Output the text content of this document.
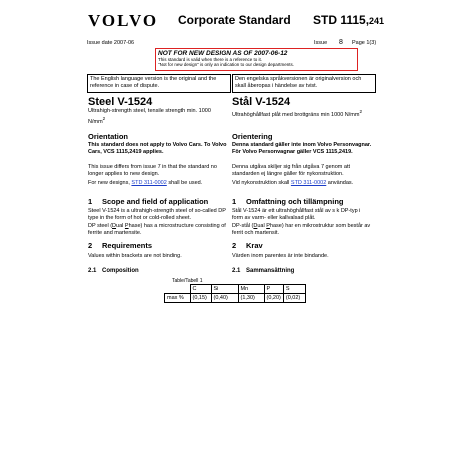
VOLVO Corporate Standard STD 1115,241
Issue date 2007-06	Issue 8 Page 1(3)
NOT FOR NEW DESIGN AS OF 2007-06-12
This standard is valid when there is a reference to it.
"Not for new design" is only an indication to our design departments.
The English language version is the original and the reference in case of dispute.
Den engelska språkversionen är originalversion och skall åberopas i händelse av tvist.
Steel V-1524
Ultrahigh-strength steel, tensile strength min. 1000 $N/mm^2$
Orientation
This standard does not apply to Volvo Cars. To Volvo Cars, VCS 1115,2419 applies.
This issue differs from issue 7 in that the standard no longer applies to new design.
For new designs, STD 311-0002 shall be used.
1 Scope and field of application
Steel V-1524 is a ultrahigh-strength steel of so-called DP type in the form of hot or cold-rolled sheet.
DP steel (Dual Phase) has a microstructure consisting of ferrite and martensite.
2 Requirements
Values within brackets are not binding.
2.1 Composition
Stål V-1524
Ultrahöghållfast plåt med brottgräns min 1000 $N/mm^2$
Orientering
Denna standard gäller inte inom Volvo Personvagnar. För Volvo Personvagnar gäller VCS 1115,2419.
Denna utgåva skiljer sig från utgåva 7 genom att standarden ej längre gäller för nykonstruktion.
Vid nykonstruktion skall STD 311-0002 användas.
1 Omfattning och tillämpning
Stål V-1524 är ett ultrahöghållfast stål av s k DP-typ i form av varm- eller kallvalsad plåt.
DP-stål (Dual Phase) har en mikrostruktur som består av ferrit och martensit.
2 Krav
Värden inom parentes är inte bindande.
2.1 Sammansättning
Table/Tabell 1
	C	Si	Mn	P	S
max %	(0,15)	(0,40)	(1,30)	(0,20)	(0,02)
